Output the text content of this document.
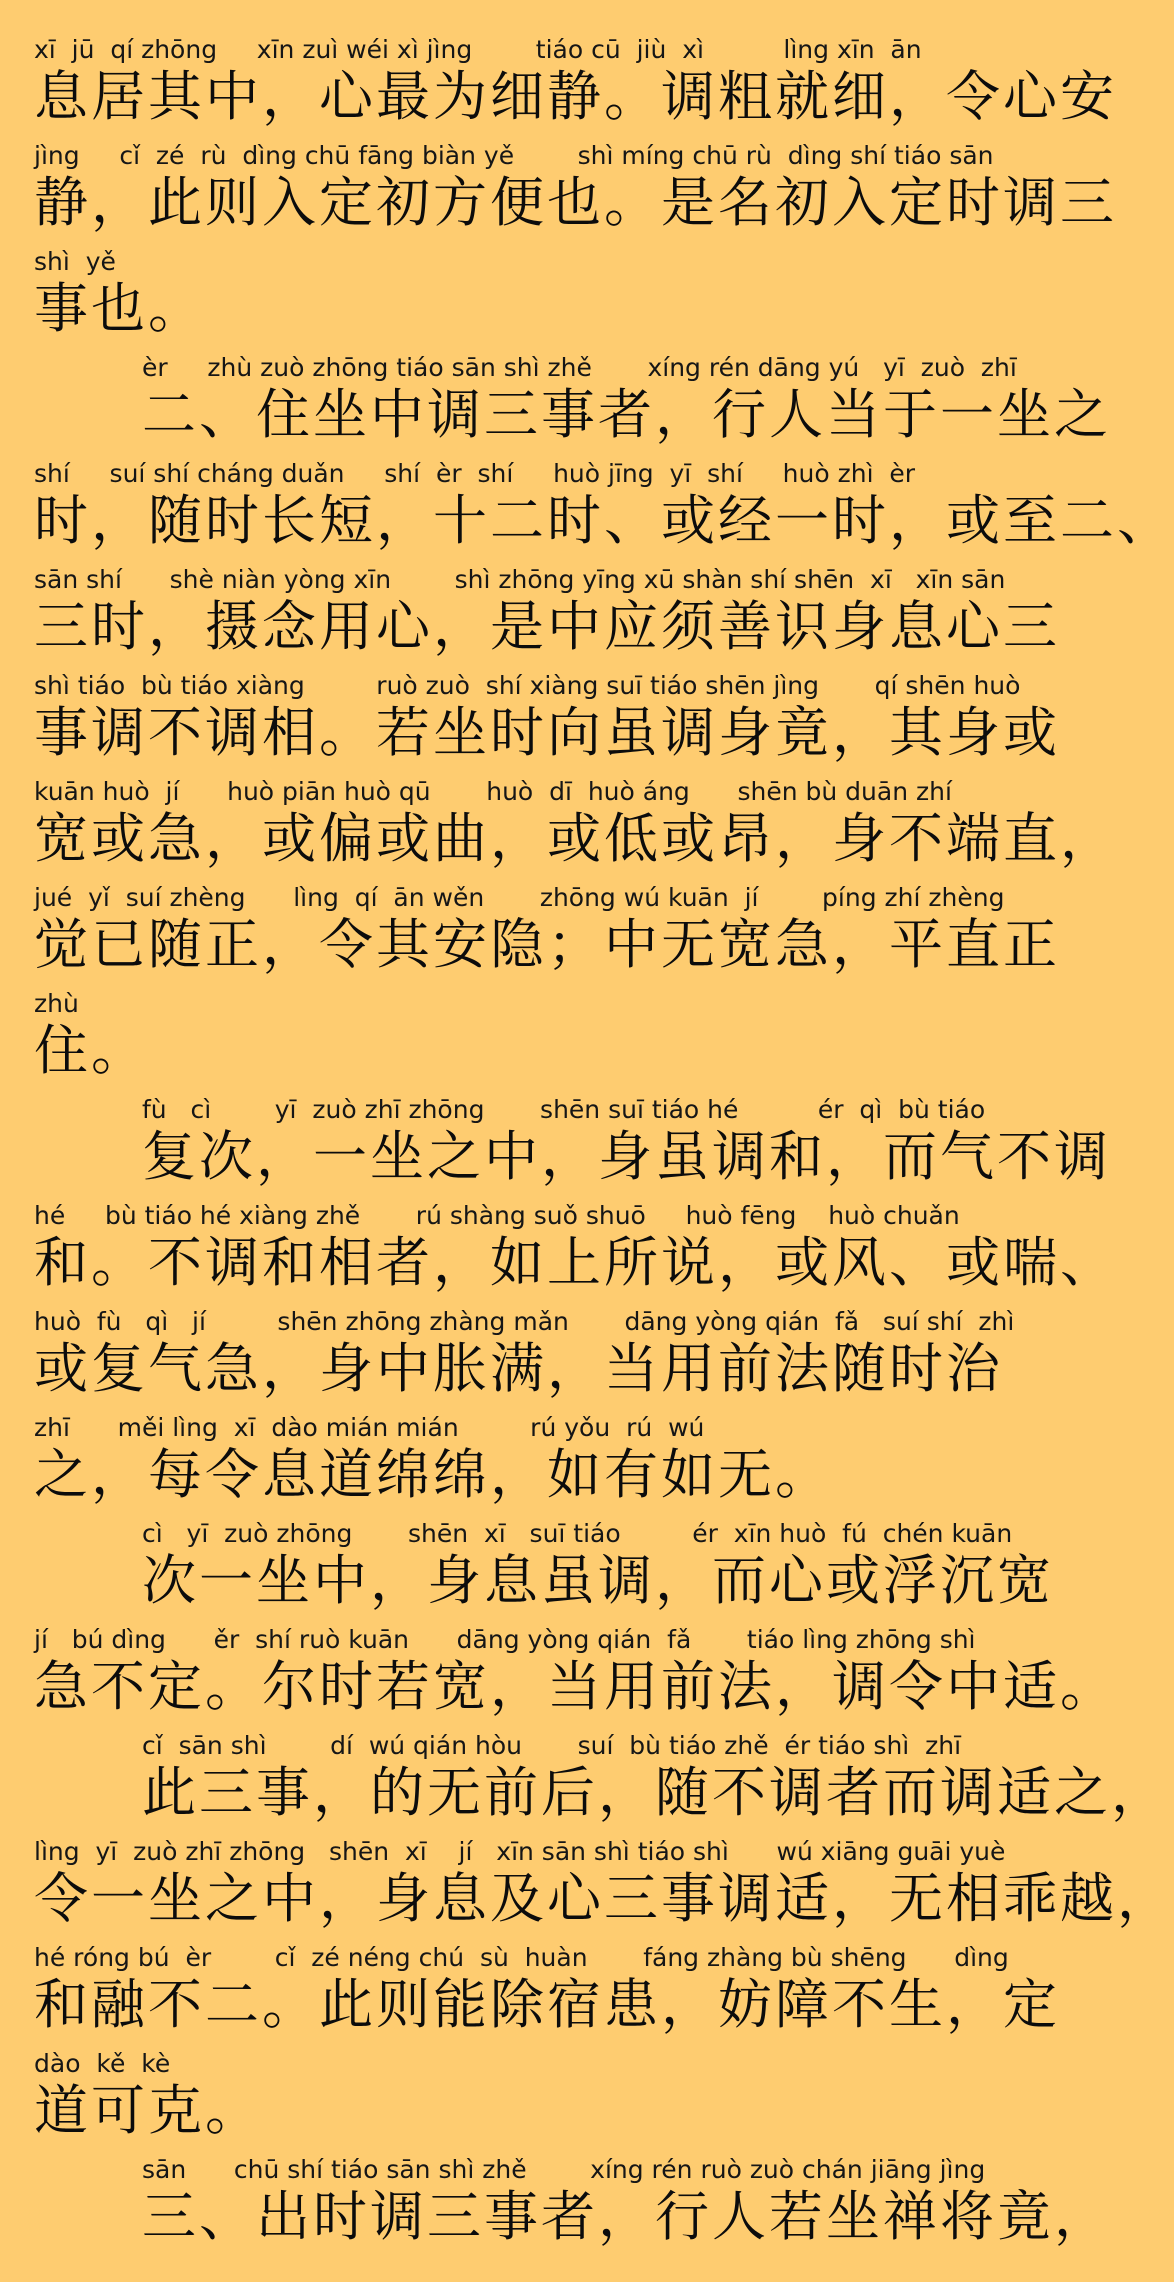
xī  jū  qí zhōng     xīn zuì wéi xì jìng        tiáo cū  jiù  xì          lìng xīn  ān
息居其中，心最为细静。调粗就细，令心安
jìng     cǐ  zé  rù  dìng chū fāng biàn yě        shì míng chū rù  dìng shí tiáo sān
静，此则入定初方便也。是名初入定时调三
shì  yě
事也。
èr     zhù zuò zhōng tiáo sān shì zhě       xíng rén dāng yú   yī  zuò  zhī
二、住坐中调三事者，行人当于一坐之
shí     suí shí cháng duǎn     shí  èr  shí     huò jīng  yī  shí     huò zhì  èr
时，随时长短，十二时、或经一时，或至二、
sān shí      shè niàn yòng xīn        shì zhōng yīng xū shàn shí shēn  xī   xīn sān
三时，摄念用心，是中应须善识身息心三
shì tiáo  bù tiáo xiàng         ruò zuò  shí xiàng suī tiáo shēn jìng       qí shēn huò
事调不调相。若坐时向虽调身竟，其身或
kuān huò  jí      huò piān huò qū       huò  dī  huò áng      shēn bù duān zhí
宽或急，或偏或曲，或低或昂，身不端直，
jué  yǐ  suí zhèng      lìng  qí  ān wěn       zhōng wú kuān  jí        píng zhí zhèng
觉已随正，令其安隐；中无宽急，平直正
zhù
住。
fù   cì        yī  zuò zhī zhōng       shēn suī tiáo hé          ér  qì  bù tiáo
复次，一坐之中，身虽调和，而气不调
hé     bù tiáo hé xiàng zhě       rú shàng suǒ shuō     huò fēng    huò chuǎn
和。不调和相者，如上所说，或风、或喘、
huò  fù   qì   jí         shēn zhōng zhàng mǎn       dāng yòng qián  fǎ   suí shí  zhì
或复气急，身中胀满，当用前法随时治
zhī      měi lìng  xī  dào mián mián         rú yǒu  rú  wú
之，每令息道绵绵，如有如无。
cì   yī  zuò zhōng       shēn  xī   suī tiáo         ér  xīn huò  fú  chén kuān
次一坐中，身息虽调，而心或浮沉宽
jí   bú dìng      ěr  shí ruò kuān      dāng yòng qián  fǎ       tiáo lìng zhōng shì
急不定。尔时若宽，当用前法，调令中适。
cǐ  sān shì        dí  wú qián hòu       suí  bù tiáo zhě  ér tiáo shì  zhī
此三事，的无前后，随不调者而调适之，
lìng  yī  zuò zhī zhōng   shēn  xī    jí   xīn sān shì tiáo shì      wú xiāng guāi yuè
令一坐之中，身息及心三事调适，无相乖越，
hé róng bú  èr        cǐ  zé néng chú  sù  huàn       fáng zhàng bù shēng      dìng
和融不二。此则能除宿患，妨障不生，定
dào  kě  kè
道可克。
sān      chū shí tiáo sān shì zhě        xíng rén ruò zuò chán jiāng jìng
三、出时调三事者，行人若坐禅将竟，
